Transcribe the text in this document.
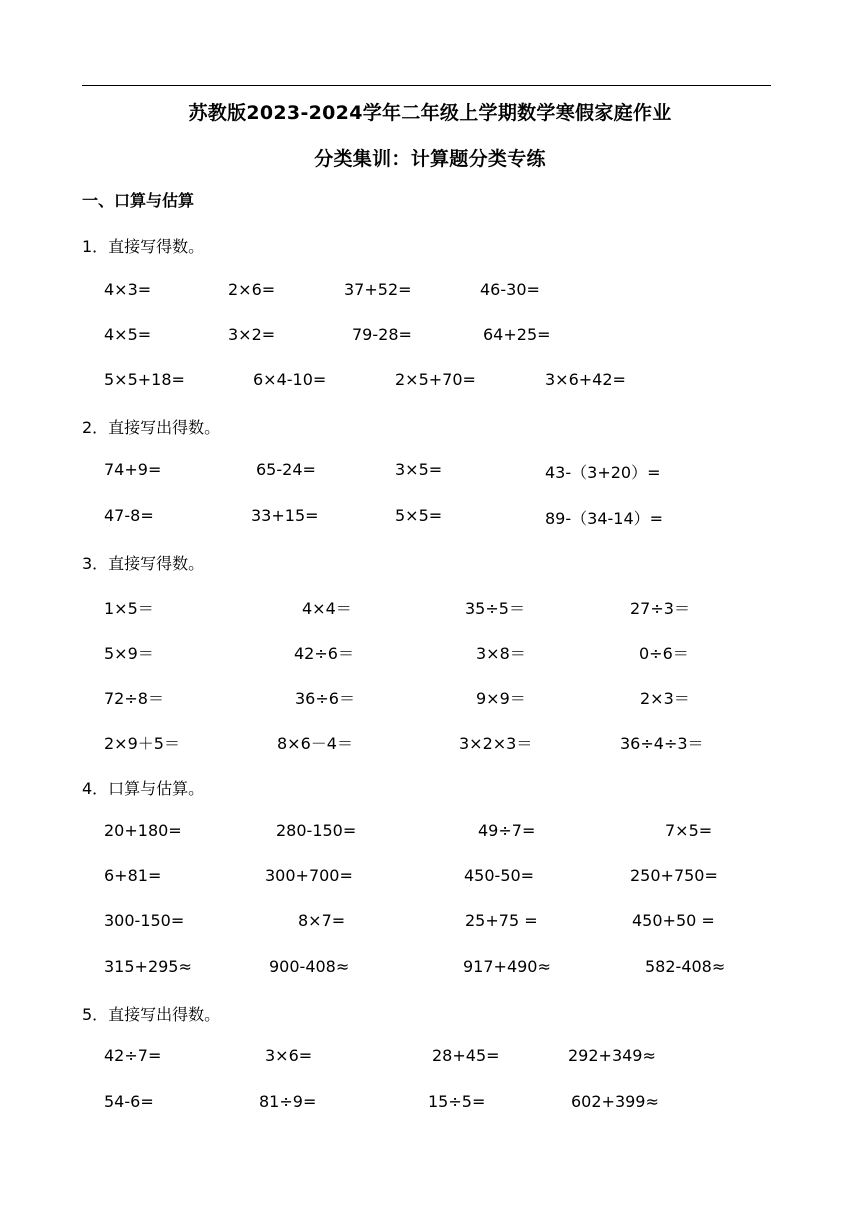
苏教版2023-2024学年二年级上学期数学寒假家庭作业
分类集训：计算题分类专练
一、口算与估算
1．直接写得数。
4×3=	2×6=	37+52=	46-30=
4×5=	3×2=	79-28=	64+25=
5×5+18=	6×4-10=	2×5+70=	3×6+42=
2．直接写出得数。
74+9=	65-24=	3×5=	43-（3+20）=
47-8=	33+15=	5×5=	89-（34-14）=
3．直接写得数。
1×5＝	4×4＝	35÷5＝	27÷3＝
5×9＝	42÷6＝	3×8＝	0÷6＝
72÷8＝	36÷6＝	9×9＝	2×3＝
2×9＋5＝	8×6－4＝	3×2×3＝	36÷4÷3＝
4．口算与估算。
20+180=	280-150=	49÷7=	7×5=
6+81=	300+700=	450-50=	250+750=
300-150=	8×7=	25+75 =	450+50 =
315+295≈	900-408≈	917+490≈	582-408≈
5．直接写出得数。
42÷7=	3×6=	28+45=	292+349≈
54-6=	81÷9=	15÷5=	602+399≈
